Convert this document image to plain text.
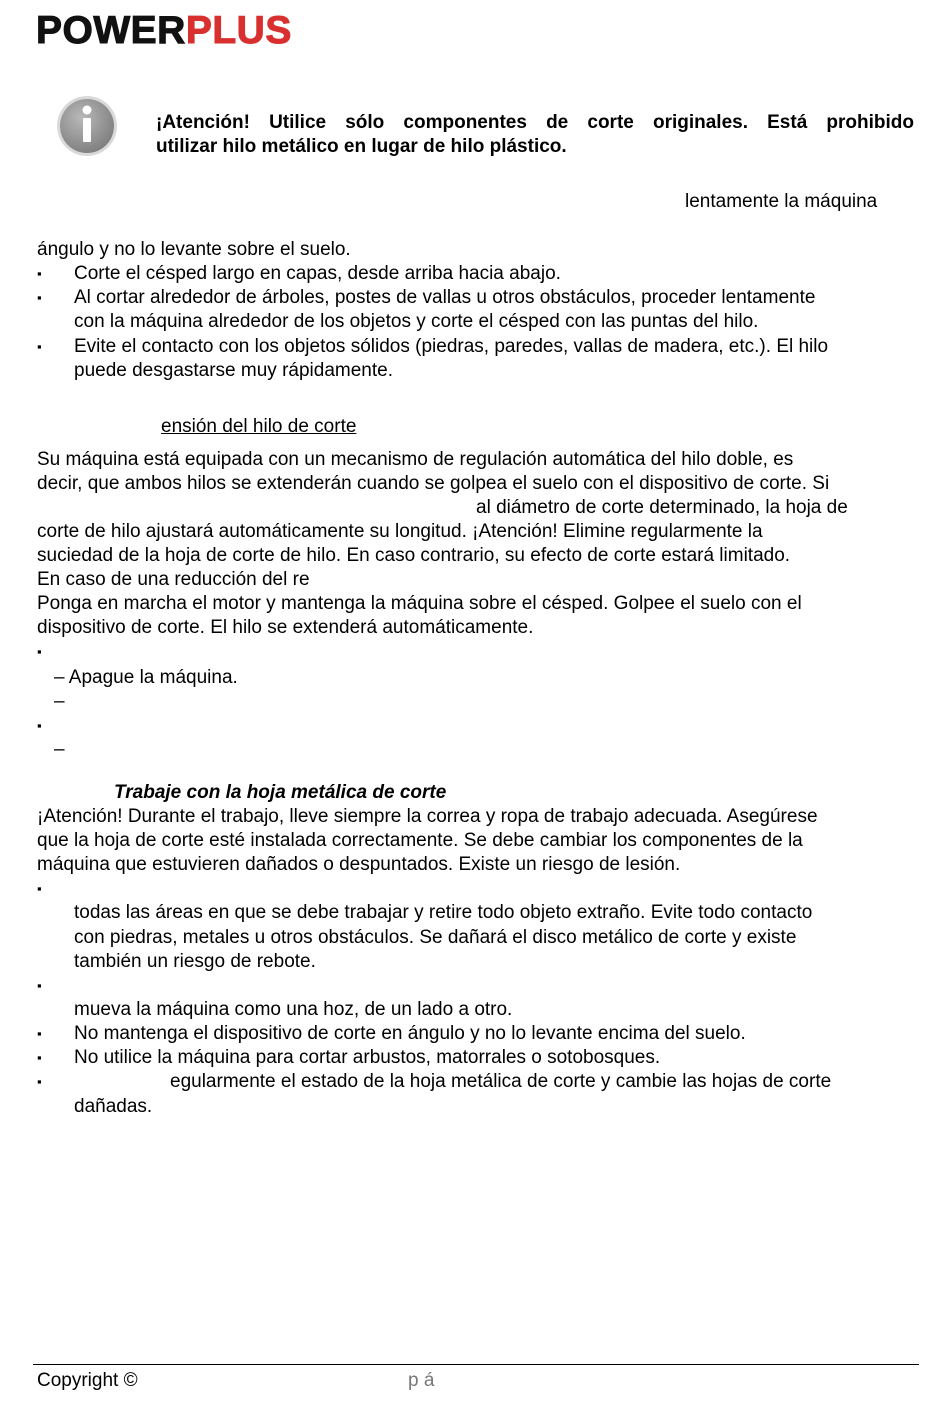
POWERPLUS
¡Atención! Utilice sólo componentes de corte originales. Está prohibido
utilizar hilo metálico en lugar de hilo plástico.
lentamente la máquina
ángulo y no lo levante sobre el suelo.
▪ Corte el césped largo en capas, desde arriba hacia abajo.
▪ Al cortar alrededor de árboles, postes de vallas u otros obstáculos, proceder lentamente
con la máquina alrededor de los objetos y corte el césped con las puntas del hilo.
▪ Evite el contacto con los objetos sólidos (piedras, paredes, vallas de madera, etc.). El hilo
puede desgastarse muy rápidamente.
ensión del hilo de corte
Su máquina está equipada con un mecanismo de regulación automática del hilo doble, es
decir, que ambos hilos se extenderán cuando se golpea el suelo con el dispositivo de corte. Si
al diámetro de corte determinado, la hoja de
corte de hilo ajustará automáticamente su longitud. ¡Atención! Elimine regularmente la
suciedad de la hoja de corte de hilo. En caso contrario, su efecto de corte estará limitado.
En caso de una reducción del re
Ponga en marcha el motor y mantenga la máquina sobre el césped. Golpee el suelo con el
dispositivo de corte. El hilo se extenderá automáticamente.
▪
– Apague la máquina.
–
▪
–
Trabaje con la hoja metálica de corte
¡Atención! Durante el trabajo, lleve siempre la correa y ropa de trabajo adecuada. Asegúrese
que la hoja de corte esté instalada correctamente. Se debe cambiar los componentes de la
máquina que estuvieren dañados o despuntados. Existe un riesgo de lesión.
▪
todas las áreas en que se debe trabajar y retire todo objeto extraño. Evite todo contacto
con piedras, metales u otros obstáculos. Se dañará el disco metálico de corte y existe
también un riesgo de rebote.
▪
mueva la máquina como una hoz, de un lado a otro.
▪ No mantenga el dispositivo de corte en ángulo y no lo levante encima del suelo.
▪ No utilice la máquina para cortar arbustos, matorrales o sotobosques.
▪	egularmente el estado de la hoja metálica de corte y cambie las hojas de corte
dañadas.
Copyright ©	p á
